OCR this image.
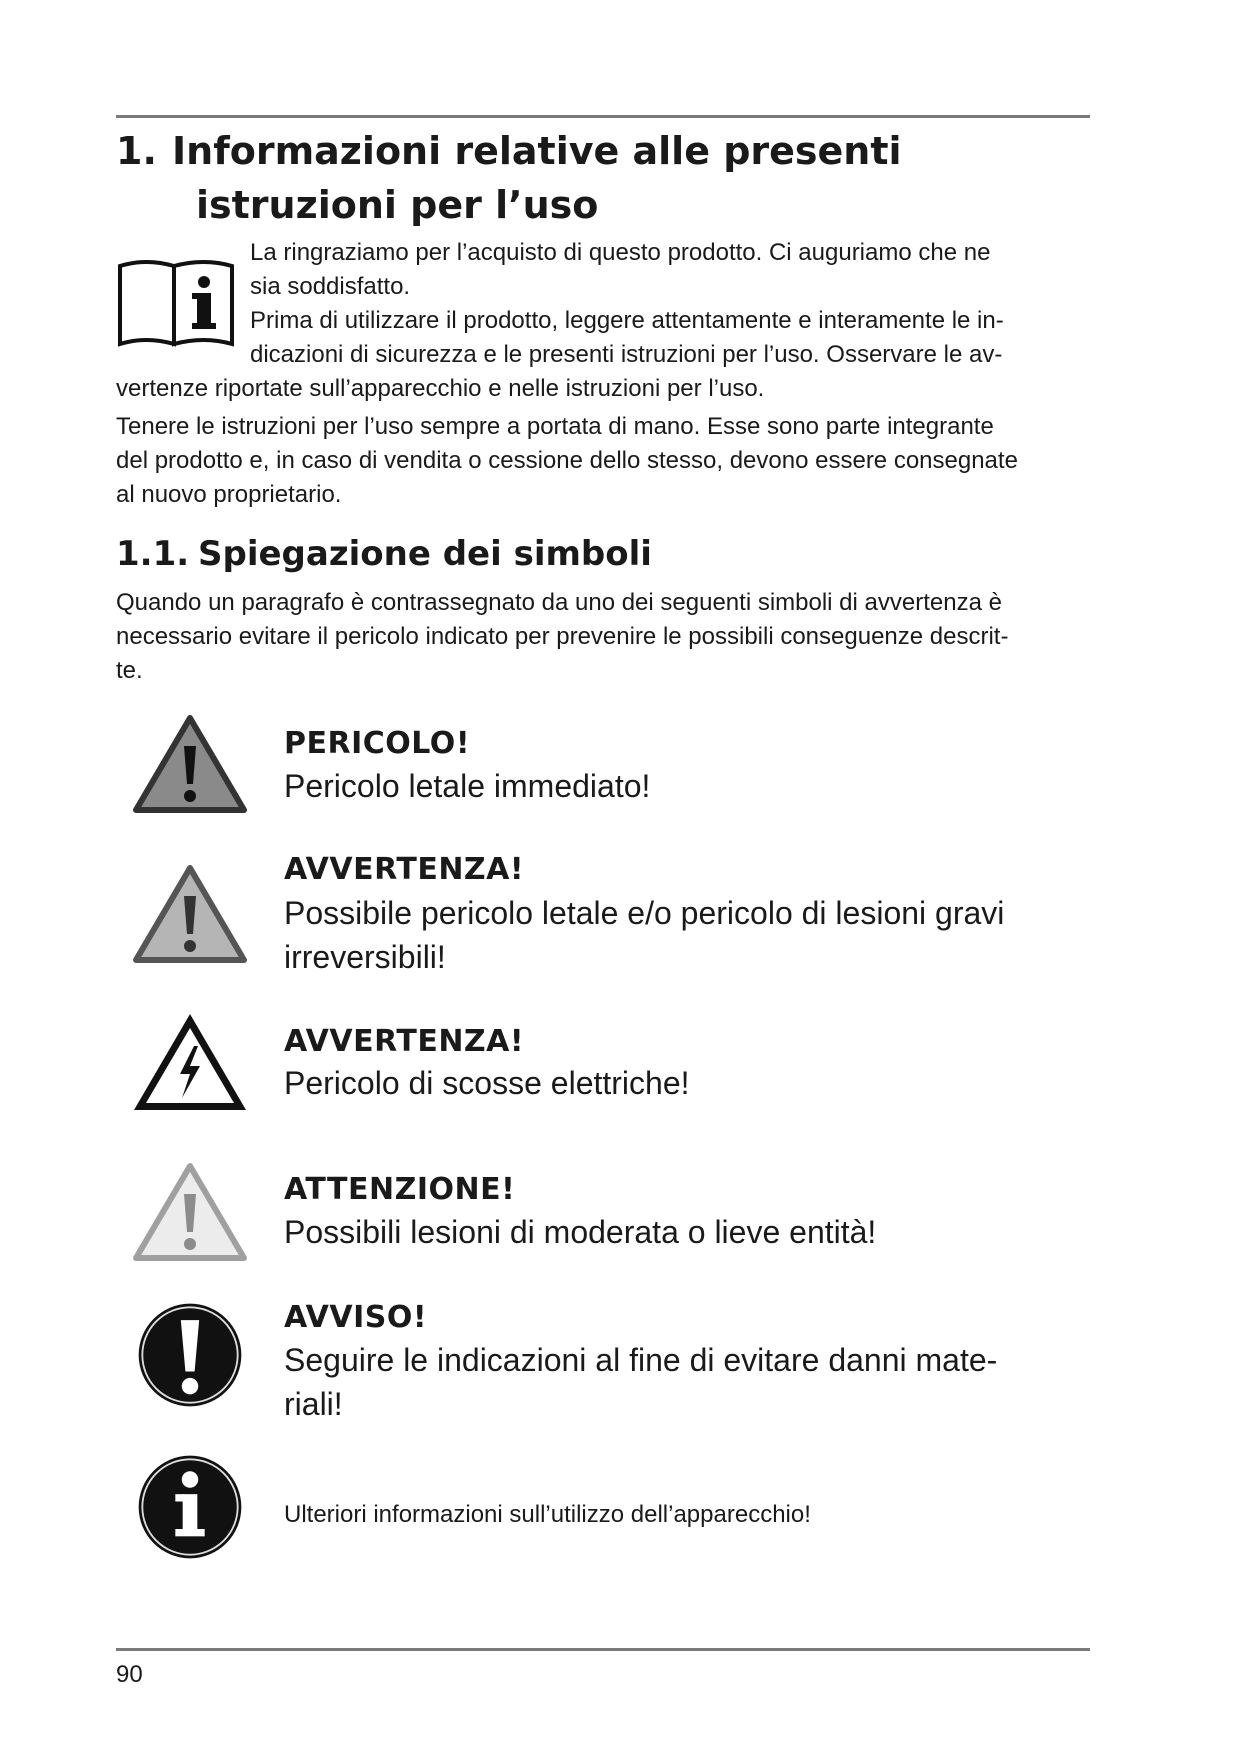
1. Informazioni relative alle presenti
istruzioni per l’uso
La ringraziamo per l’acquisto di questo prodotto. Ci auguriamo che ne
sia soddisfatto.
Prima di utilizzare il prodotto, leggere attentamente e interamente le in-
dicazioni di sicurezza e le presenti istruzioni per l’uso. Osservare le av-
vertenze riportate sull’apparecchio e nelle istruzioni per l’uso.
Tenere le istruzioni per l’uso sempre a portata di mano. Esse sono parte integrante
del prodotto e, in caso di vendita o cessione dello stesso, devono essere consegnate
al nuovo proprietario.
1.1. Spiegazione dei simboli
Quando un paragrafo è contrassegnato da uno dei seguenti simboli di avvertenza è
necessario evitare il pericolo indicato per prevenire le possibili conseguenze descrit-
te.
PERICOLO!
Pericolo letale immediato!
AVVERTENZA!
Possibile pericolo letale e/o pericolo di lesioni gravi
irreversibili!
AVVERTENZA!
Pericolo di scosse elettriche!
ATTENZIONE!
Possibili lesioni di moderata o lieve entità!
AVVISO!
Seguire le indicazioni al fine di evitare danni mate-
riali!
Ulteriori informazioni sull’utilizzo dell’apparecchio!
90
